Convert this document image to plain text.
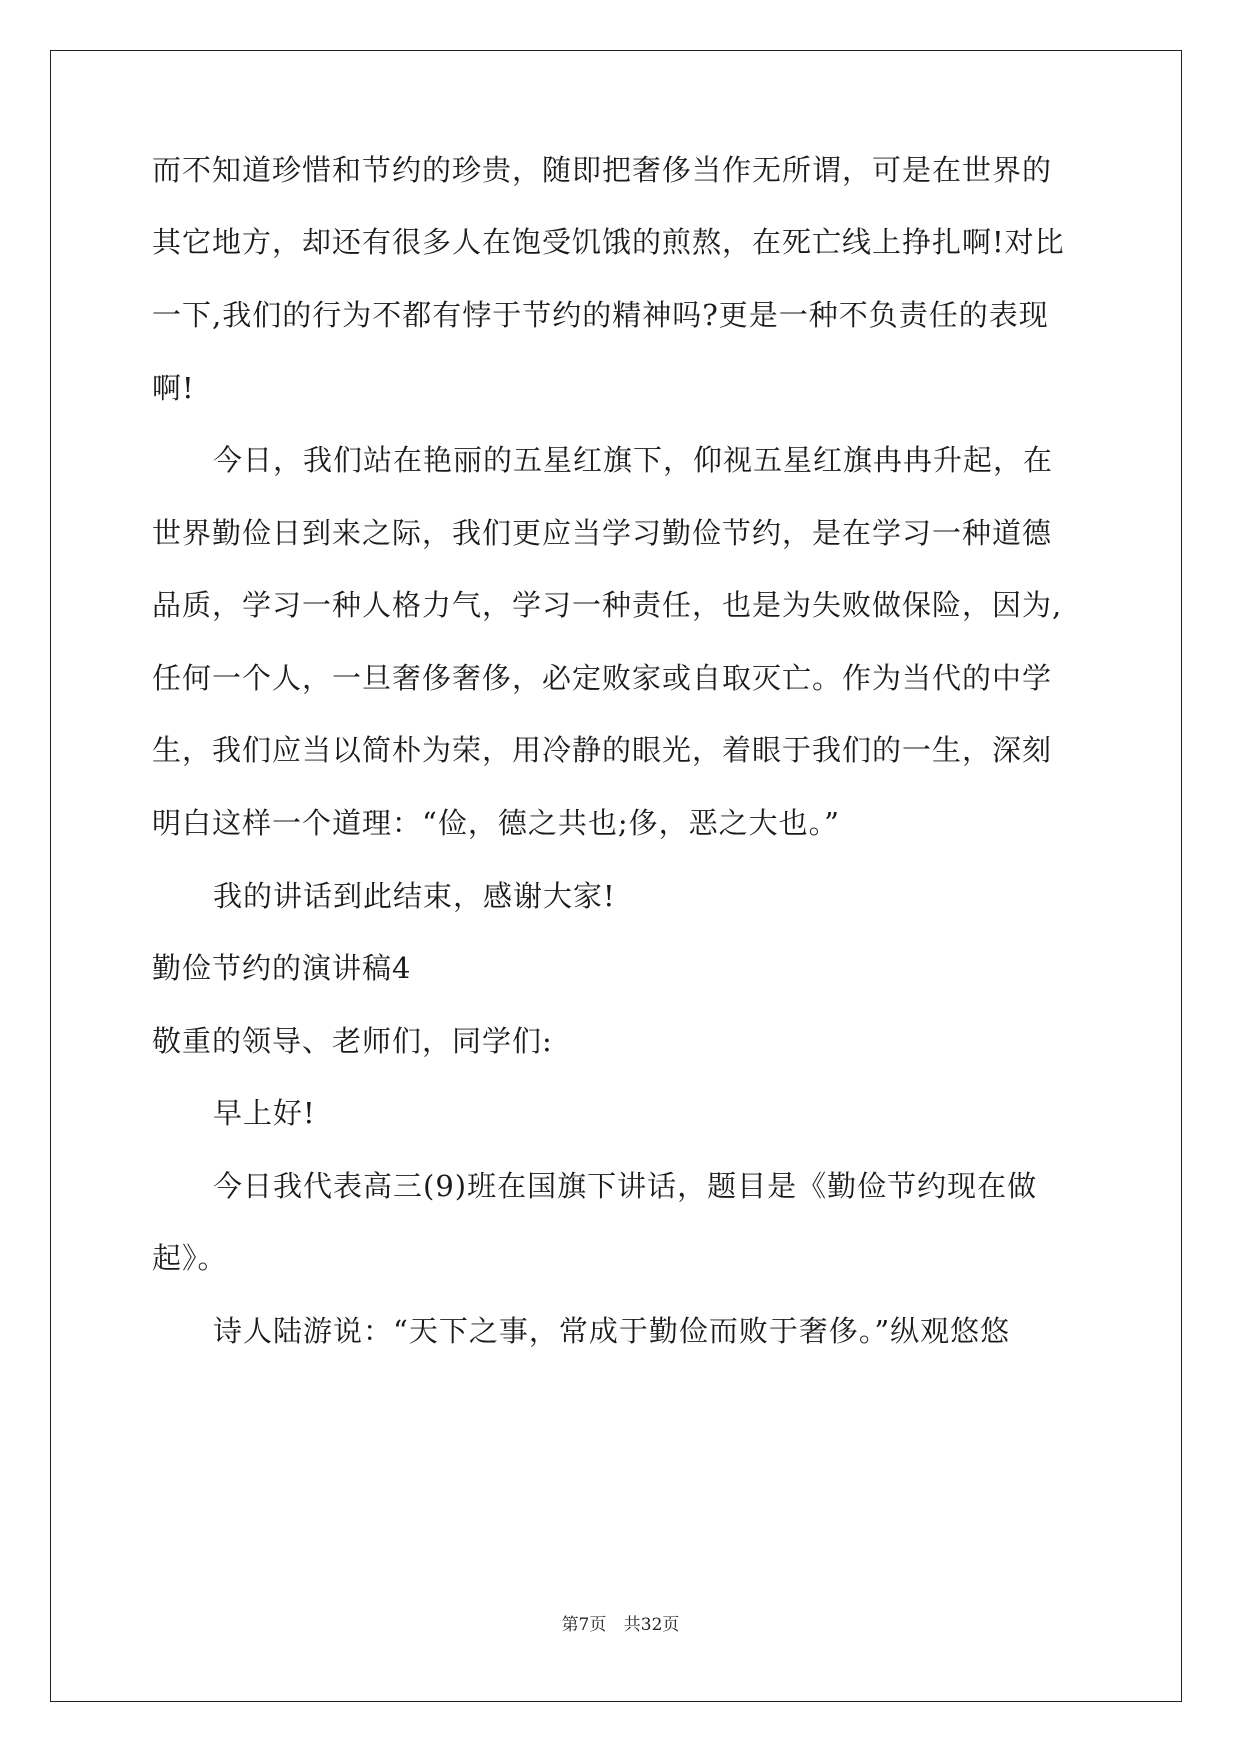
而不知道珍惜和节约的珍贵，随即把奢侈当作无所谓，可是在世界的
其它地方，却还有很多人在饱受饥饿的煎熬，在死亡线上挣扎啊!对比
一下,我们的行为不都有悖于节约的精神吗?更是一种不负责任的表现
啊!
今日，我们站在艳丽的五星红旗下，仰视五星红旗冉冉升起，在
世界勤俭日到来之际，我们更应当学习勤俭节约，是在学习一种道德
品质，学习一种人格力气，学习一种责任，也是为失败做保险，因为,
任何一个人，一旦奢侈奢侈，必定败家或自取灭亡。作为当代的中学
生，我们应当以简朴为荣，用冷静的眼光，着眼于我们的一生，深刻
明白这样一个道理：“俭，德之共也;侈，恶之大也。”
我的讲话到此结束，感谢大家!
勤俭节约的演讲稿4
敬重的领导、老师们，同学们:
早上好!
今日我代表高三(9)班在国旗下讲话，题目是《勤俭节约现在做
起》。
诗人陆游说：“天下之事，常成于勤俭而败于奢侈。”纵观悠悠
第7页 共32页
